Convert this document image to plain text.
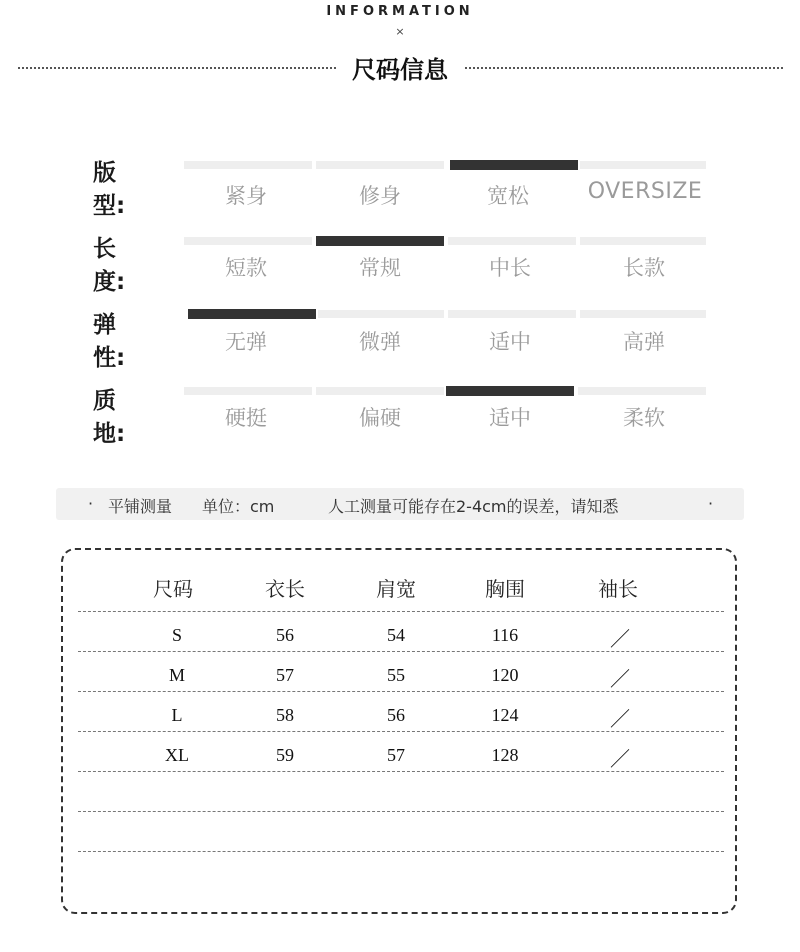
INFORMATION
×
尺码信息
版型:	紧身	修身	宽松	OVERSIZE
长度:
短款	常规	中长	长款
弹性:
无弹	微弹	适中	高弹
质地:
硬挺	偏硬	适中	柔软
· 平铺测量 单位：cm	人工测量可能存在2-4cm的误差，请知悉	·
尺码	衣长	肩宽	胸围	袖长
S	56	54	116	／
M	57	55	120	／
L	58	56	124	／
XL	59	57	128	／
